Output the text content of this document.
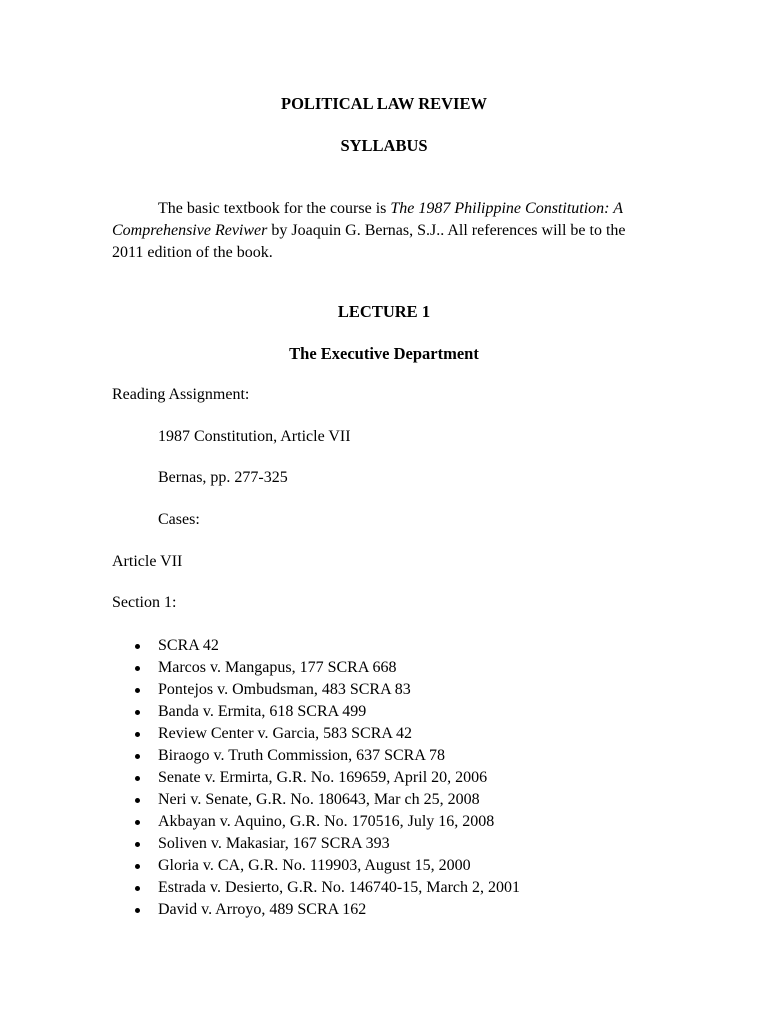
POLITICAL LAW REVIEW
SYLLABUS
The basic textbook for the course is The 1987 Philippine Constitution: A Comprehensive Reviwer by Joaquin G. Bernas, S.J.. All references will be to the 2011 edition of the book.
LECTURE 1
The Executive Department
Reading Assignment:
1987 Constitution, Article VII
Bernas, pp. 277-325
Cases:
Article VII
Section 1:
SCRA 42
Marcos v. Mangapus, 177 SCRA 668
Pontejos v. Ombudsman, 483 SCRA 83
Banda v. Ermita, 618 SCRA 499
Review Center v. Garcia, 583 SCRA 42
Biraogo v. Truth Commission, 637 SCRA 78
Senate v. Ermirta, G.R. No. 169659, April 20, 2006
Neri v. Senate, G.R. No. 180643, Mar ch 25, 2008
Akbayan v. Aquino, G.R. No. 170516, July 16, 2008
Soliven v. Makasiar, 167 SCRA 393
Gloria v. CA, G.R. No. 119903, August 15, 2000
Estrada v. Desierto, G.R. No. 146740-15, March 2, 2001
David v. Arroyo, 489 SCRA 162
